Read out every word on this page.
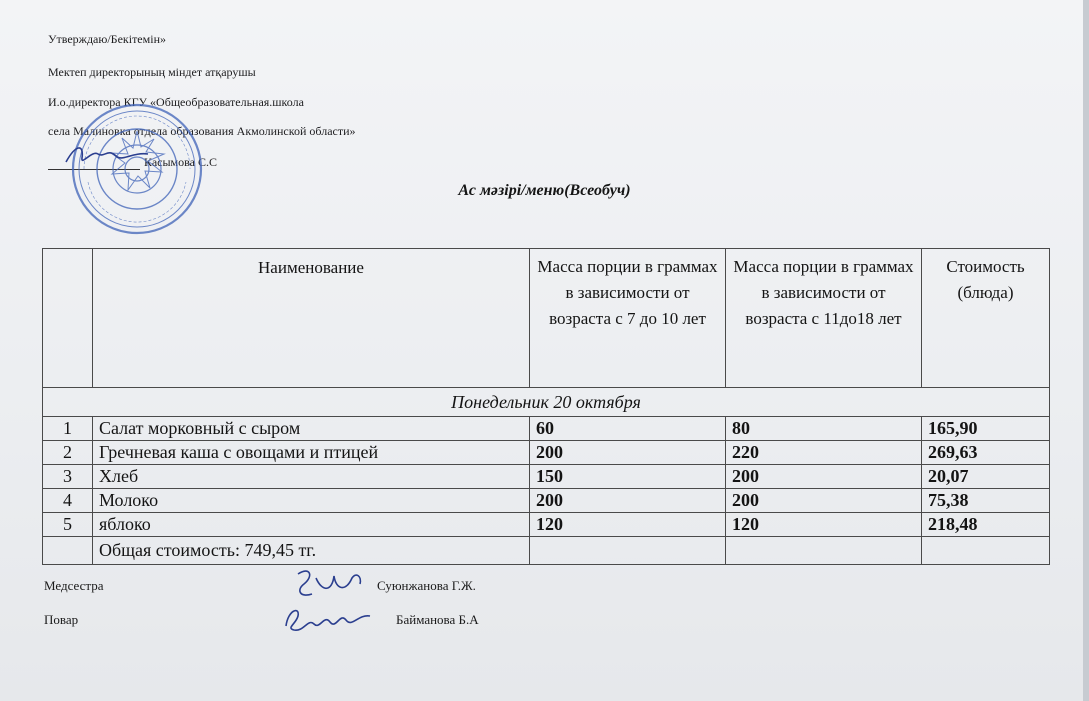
Утверждаю/Бекітемін»
Мектеп директорының міндет атқарушы
И.о.директора КГУ «Общеобразовательная.школа
села Малиновка отдела образования Акмолинской области»
Касымова С.С
Ас мәзірі/меню(Всеобуч)
	Наименование	Масса порции в граммах в зависимости от возраста с 7 до 10 лет	Масса порции в граммах в зависимости от возраста с 11до18 лет	Стоимость (блюда)
Понедельник 20 октября				
1	Салат морковный с сыром	60	80	165,90
2	Гречневая каша с овощами и птицей	200	220	269,63
3	Хлеб	150	200	20,07
4	Молоко	200	200	75,38
5	яблоко	120	120	218,48
	Общая стоимость: 749,45 тг.			
Медсестра	Суюнжанова Г.Ж.
Повар	Байманова Б.А
